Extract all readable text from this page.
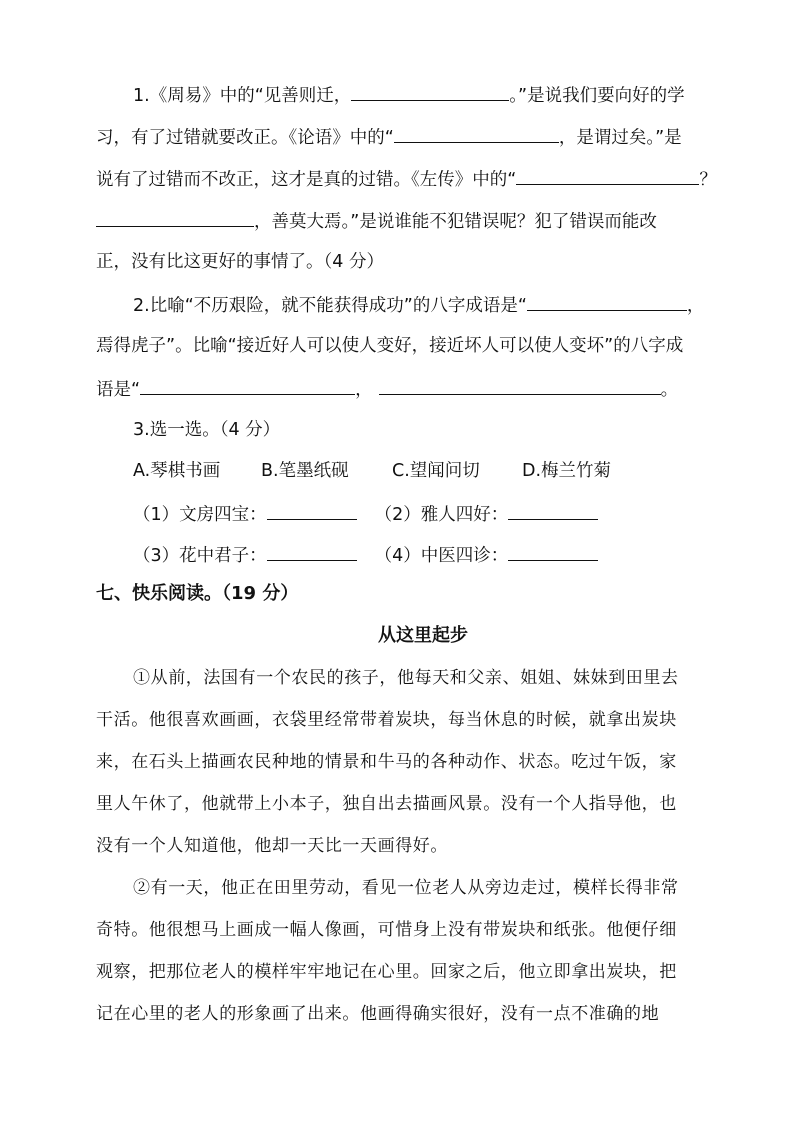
1.《周易》中的“见善则迁，	。”是说我们要向好的学
习，有了过错就要改正。《论语》中的“	，是谓过矣。”是
说有了过错而不改正，这才是真的过错。《左传》中的“	？
，善莫大焉。”是说谁能不犯错误呢？犯了错误而能改
正，没有比这更好的事情了。（4 分）
2.比喻“不历艰险，就不能获得成功”的八字成语是“	，
焉得虎子”。比喻“接近好人可以使人变好，接近坏人可以使人变坏”的八字成
语是“	，	。
3.选一选。（4 分）
A.琴棋书画 B.笔墨纸砚 C.望闻问切 D.梅兰竹菊
（1）文房四宝：	（2）雅人四好：
（3）花中君子：	（4）中医四诊：
七、快乐阅读。（19 分）
从这里起步
①从前，法国有一个农民的孩子，他每天和父亲、姐姐、妹妹到田里去
干活。他很喜欢画画，衣袋里经常带着炭块，每当休息的时候，就拿出炭块
来，在石头上描画农民种地的情景和牛马的各种动作、状态。吃过午饭，家
里人午休了，他就带上小本子，独自出去描画风景。没有一个人指导他，也
没有一个人知道他，他却一天比一天画得好。
②有一天，他正在田里劳动，看见一位老人从旁边走过，模样长得非常
奇特。他很想马上画成一幅人像画，可惜身上没有带炭块和纸张。他便仔细
观察，把那位老人的模样牢牢地记在心里。回家之后，他立即拿出炭块，把
记在心里的老人的形象画了出来。他画得确实很好，没有一点不准确的地
